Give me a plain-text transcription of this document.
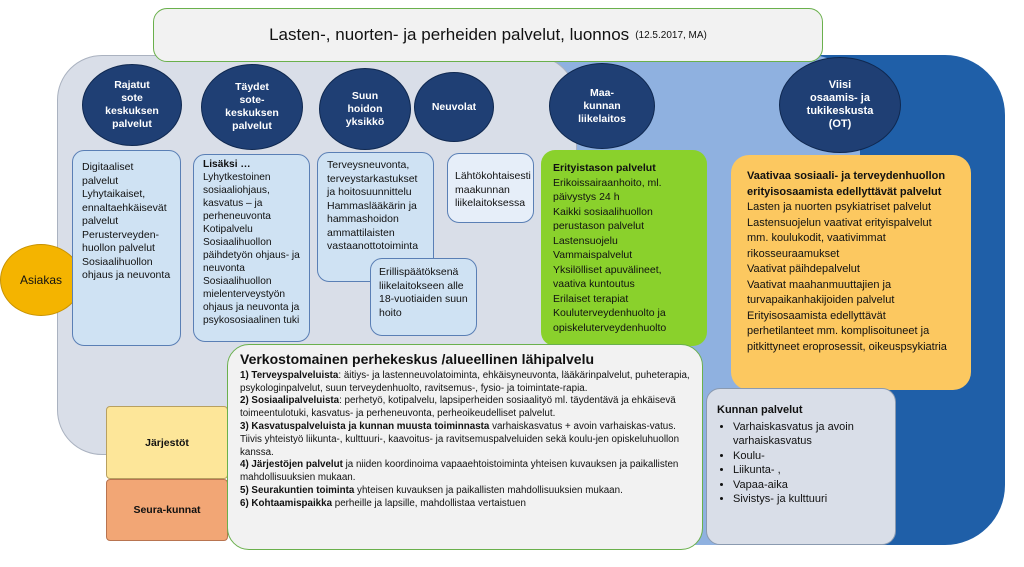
Lasten-, nuorten- ja perheiden palvelut, luonnos (12.5.2017, MA)
Rajatut
sote
keskuksen
palvelut
Täydet
sote-
keskuksen
palvelut
Suun
hoidon
yksikkö
Neuvolat
Maa-
kunnan
liikelaitos
Viisi
osaamis- ja
tukikeskusta
(OT)
Asiakas
Digitaaliset palvelut
Lyhytaikaiset, ennaltaehkäisevät palvelut
Perusterveyden-huollon palvelut
Sosiaalihuollon ohjaus ja neuvonta
Lisäksi …
Lyhytkestoinen sosiaaliohjaus, kasvatus – ja perheneuvonta
Kotipalvelu
Sosiaalihuollon päihdetyön ohjaus- ja neuvonta
Sosiaalihuollon mielenterveystyön ohjaus ja neuvonta ja psykososiaalinen tuki
Terveysneuvonta, terveystarkastukset ja hoitosuunnittelu
Hammaslääkärin ja hammashoidon ammattilaisten vastaanottotoiminta
Erillispäätöksenä liikelaitokseen alle 18-vuotiaiden suun hoito
Lähtökohtaisesti maakunnan liikelaitoksessa
Erityistason palvelut
Erikoissairaanhoito, ml. päivystys 24 h
Kaikki sosiaalihuollon perustason palvelut
Lastensuojelu
Vammaispalvelut
Yksilölliset apuvälineet, vaativa kuntoutus
Erilaiset terapiat
Kouluterveydenhuolto ja opiskeluterveydenhuolto
Vaativaa sosiaali- ja terveydenhuollon erityisosaamista edellyttävät palvelut
Lasten ja nuorten psykiatriset palvelut
Lastensuojelun vaativat erityispalvelut mm. koulukodit, vaativimmat rikosseuraamukset
Vaativat päihdepalvelut
Vaativat maahanmuuttajien ja turvapaikanhakijoiden palvelut
Erityisosaamista edellyttävät perhetilanteet mm. komplisoituneet ja pitkittyneet eroprosessit, oikeuspsykiatria
Järjestöt
Seura-kunnat
Verkostomainen perhekeskus /alueellinen lähipalvelu

1) Terveyspalveluista: äitiys- ja lastenneuvolatoiminta, ehkäisyneuvonta, lääkärinpalvelut, puheterapia, psykologinpalvelut, suun terveydenhuolto, ravitsemus-, fysio- ja toimintate-rapia.

2) Sosiaalipalveluista: perhetyö, kotipalvelu, lapsiperheiden sosiaalityö ml. täydentävä ja ehkäisevä toimeentulotuki, kasvatus- ja perheneuvonta, perheoikeudelliset palvelut.

3) Kasvatuspalveluista ja kunnan muusta toiminnasta varhaiskasvatus + avoin varhaiskas-vatus. Tiivis yhteistyö liikunta-, kulttuuri-, kaavoitus- ja ravitsemuspalveluiden sekä koulu-jen opiskeluhuollon kanssa.

4) Järjestöjen palvelut ja niiden koordinoima vapaaehtoistoiminta yhteisen kuvauksen ja paikallisten mahdollisuuksien mukaan.

5) Seurakuntien toiminta yhteisen kuvauksen ja paikallisten mahdollisuuksien mukaan.

6) Kohtaamispaikka perheille ja lapsille, mahdollistaa vertaistuen

Kunnan palvelut
• Varhaiskasvatus ja avoin varhaiskasvatus
• Koulu-
• Liikunta- ,
• Vapaa-aika
• Sivistys- ja kulttuuri
